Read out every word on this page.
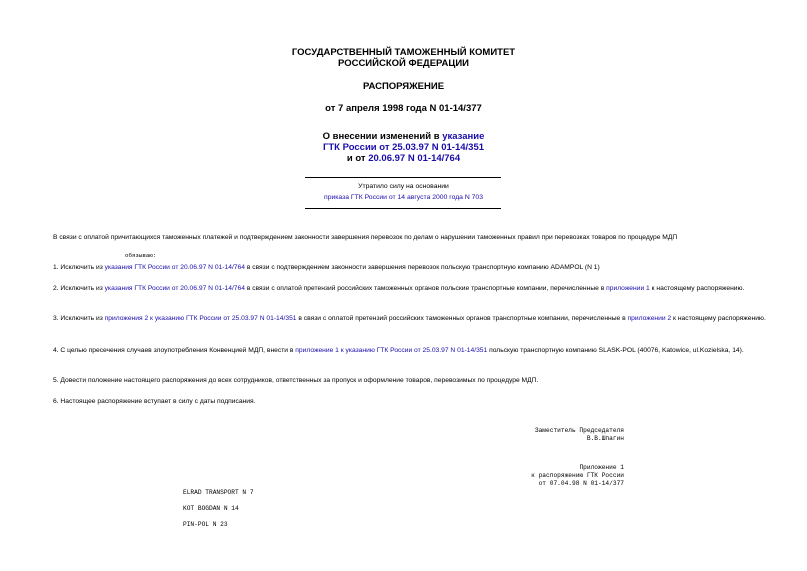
ГОСУДАРСТВЕННЫЙ ТАМОЖЕННЫЙ КОМИТЕТ
РОССИЙСКОЙ ФЕДЕРАЦИИ
РАСПОРЯЖЕНИЕ
от 7 апреля 1998 года N 01-14/377
О внесении изменений в указание
ГТК России от 25.03.97 N 01-14/351
и от 20.06.97 N 01-14/764
Утратило силу на основании
приказа ГТК России от 14 августа 2000 года N 703
В связи с оплатой причитающихся таможенных платежей и подтверждением законности завершения перевозок по делам о нарушении таможенных правил при перевозках товаров по процедуре МДП
обязываю:
1. Исключить из указания ГТК России от 20.06.97 N 01-14/764 в связи с подтверждением законности завершения перевозок польскую транспортную компанию ADAMPOL (N 1)
2. Исключить из указания ГТК России от 20.06.97 N 01-14/764 в связи с оплатой претензий российских таможенных органов польские транспортные компании, перечисленные в приложении 1 к настоящему распоряжению.
3. Исключить из приложения 2 к указанию ГТК России от 25.03.97 N 01-14/351 в связи с оплатой претензий российских таможенных органов транспортные компании, перечисленные в приложении 2 к настоящему распоряжению.
4. С целью пресечения случаев злоупотребления Конвенцией МДП, внести в приложение 1 к указанию ГТК России от 25.03.97 N 01-14/351 польскую транспортную компанию SLASK-POL (40076, Katowice, ul.Kozielska, 14).
5. Довести положение настоящего распоряжения до всех сотрудников, ответственных за пропуск и оформление товаров, перевозимых по процедуре МДП.
6. Настоящее распоряжение вступает в силу с даты подписания.
Заместитель Председателя
В.В.Шпагин
Приложение 1
к распоряжению ГТК России
от 07.04.98 N 01-14/377
ELRAD TRANSPORT N 7
KOT BOGDAN N 14
PIN-POL N 23
